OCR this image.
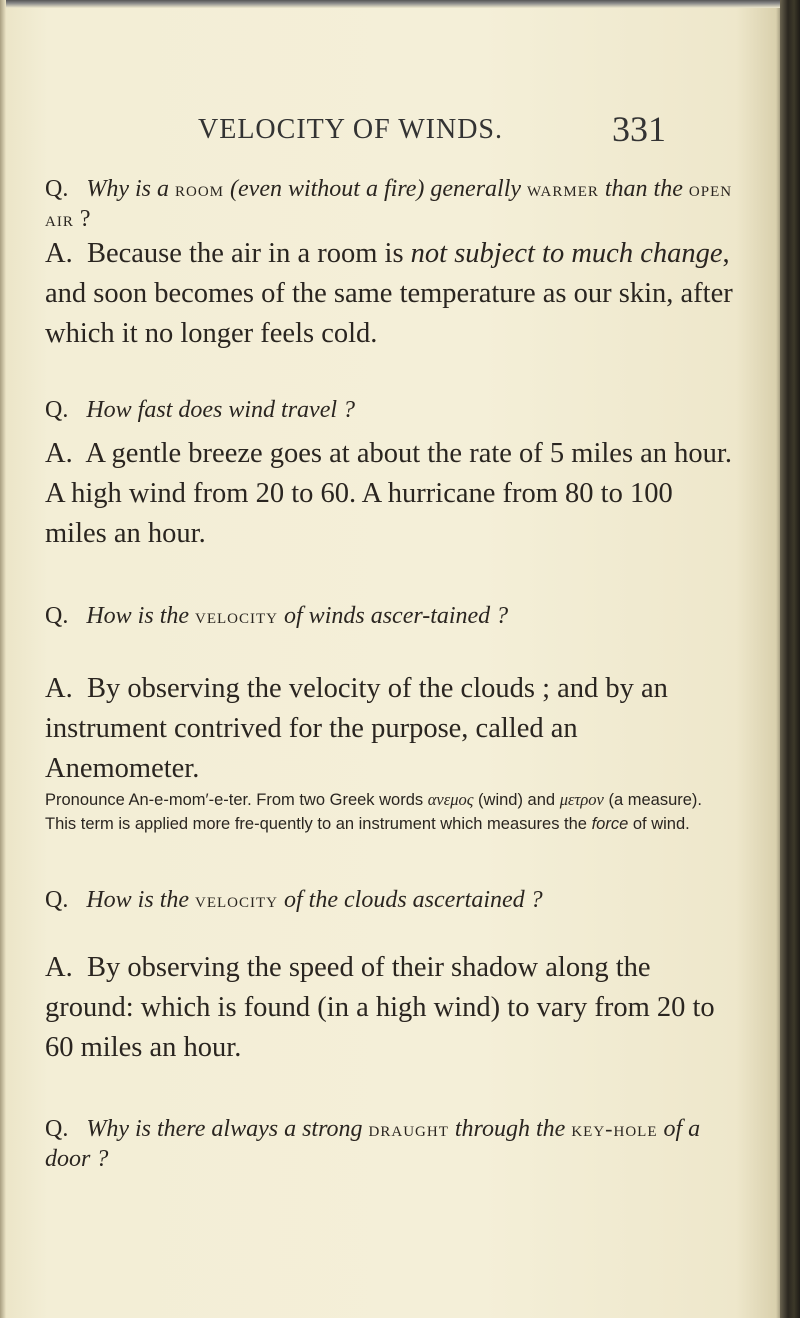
VELOCITY OF WINDS.	331

Q. Why is a room (even without a fire) generally warmer than the open air ?

A. Because the air in a room is not subject to much change, and soon becomes of the same temperature as our skin, after which it no longer feels cold.

Q. How fast does wind travel ?

A. A gentle breeze goes at about the rate of 5 miles an hour. A high wind from 20 to 60. A hurricane from 80 to 100 miles an hour.

Q. How is the velocity of winds ascer-tained ?

A. By observing the velocity of the clouds ; and by an instrument contrived for the purpose, called an Anemometer.

Pronounce An-e-mom′-e-ter. From two Greek words ανεμος (wind) and μετρον (a measure). This term is applied more fre-quently to an instrument which measures the force of wind.

Q. How is the velocity of the clouds ascertained ?

A. By observing the speed of their shadow along the ground: which is found (in a high wind) to vary from 20 to 60 miles an hour.

Q. Why is there always a strong draught through the key-hole of a door ?
